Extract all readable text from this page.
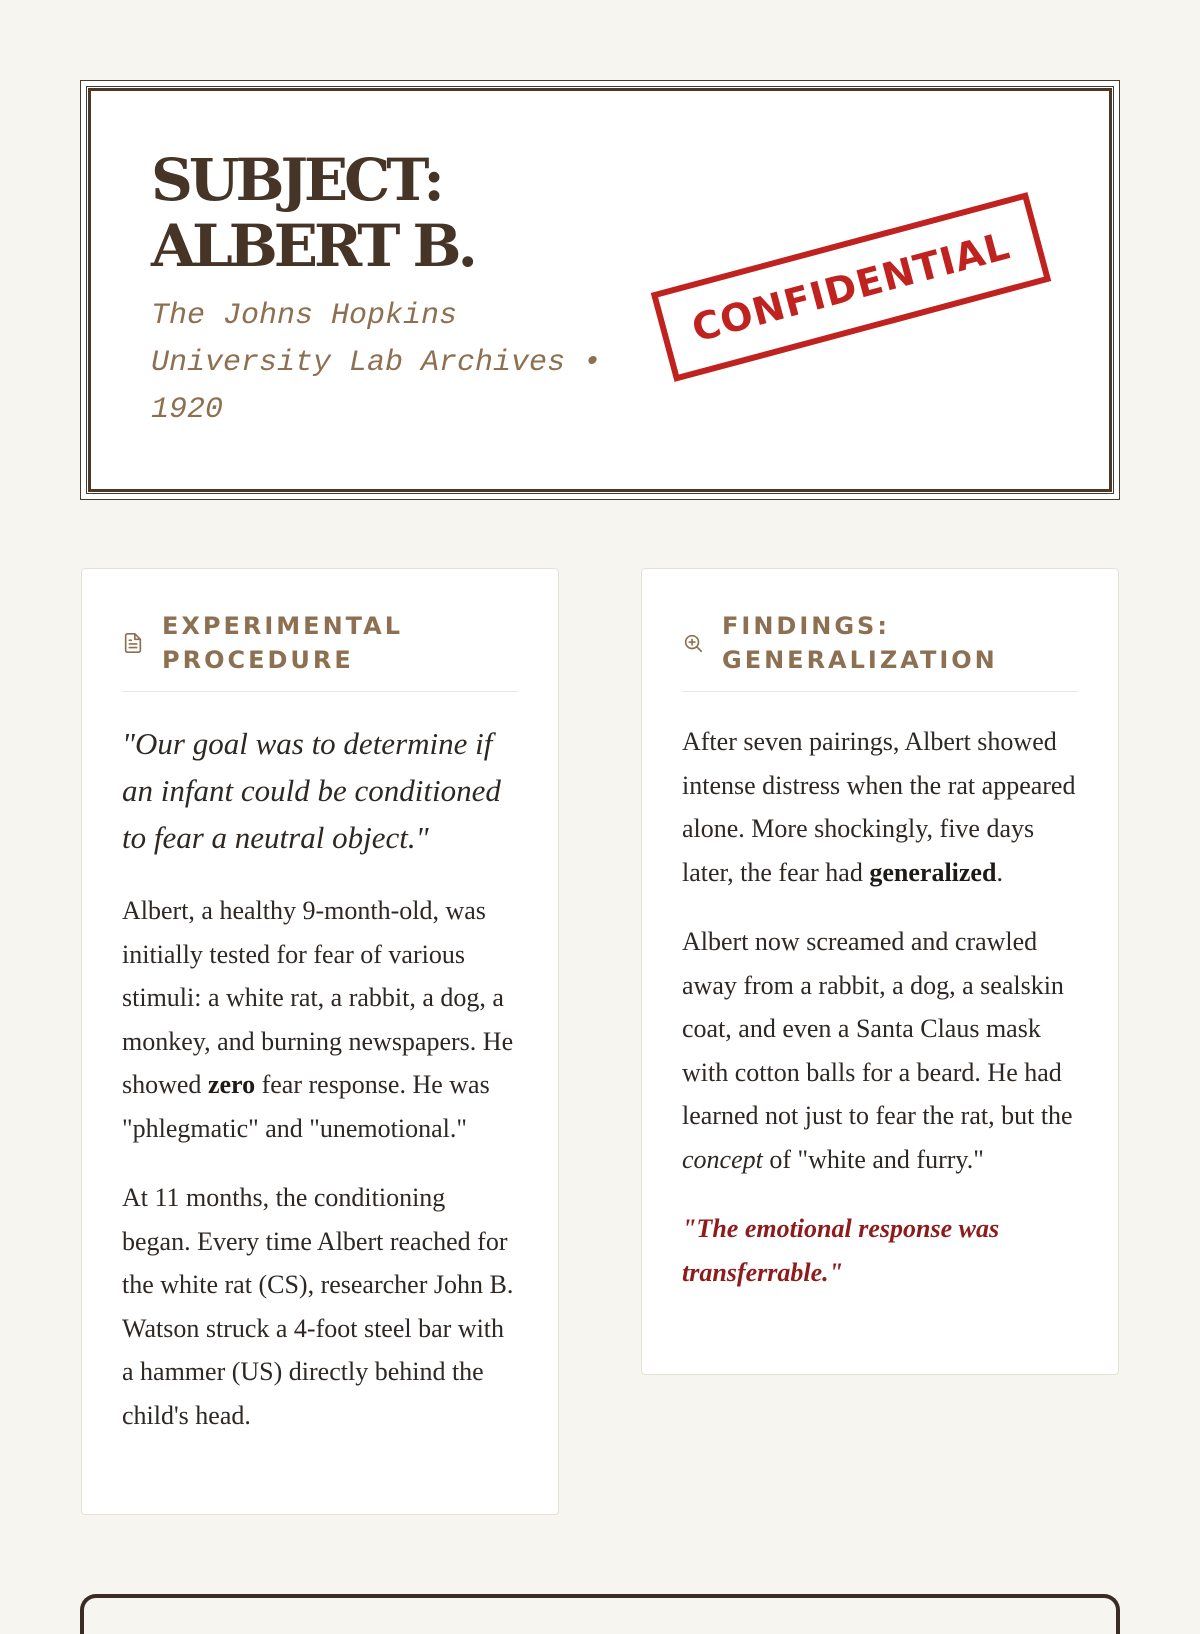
SUBJECT:
ALBERT B.
The Johns Hopkins
University Lab Archives •
1920
CONFIDENTIAL
EXPERIMENTAL
PROCEDURE

"Our goal was to determine if an infant could be conditioned to fear a neutral object."

Albert, a healthy 9-month-old, was initially tested for fear of various stimuli: a white rat, a rabbit, a dog, a monkey, and burning newspapers. He showed zero fear response. He was "phlegmatic" and "unemotional."

At 11 months, the conditioning began. Every time Albert reached for the white rat (CS), researcher John B. Watson struck a 4-foot steel bar with a hammer (US) directly behind the child's head.

FINDINGS:
GENERALIZATION

After seven pairings, Albert showed intense distress when the rat appeared alone. More shockingly, five days later, the fear had generalized.

Albert now screamed and crawled away from a rabbit, a dog, a sealskin coat, and even a Santa Claus mask with cotton balls for a beard. He had learned not just to fear the rat, but the concept of "white and furry."

"The emotional response was transferrable."
